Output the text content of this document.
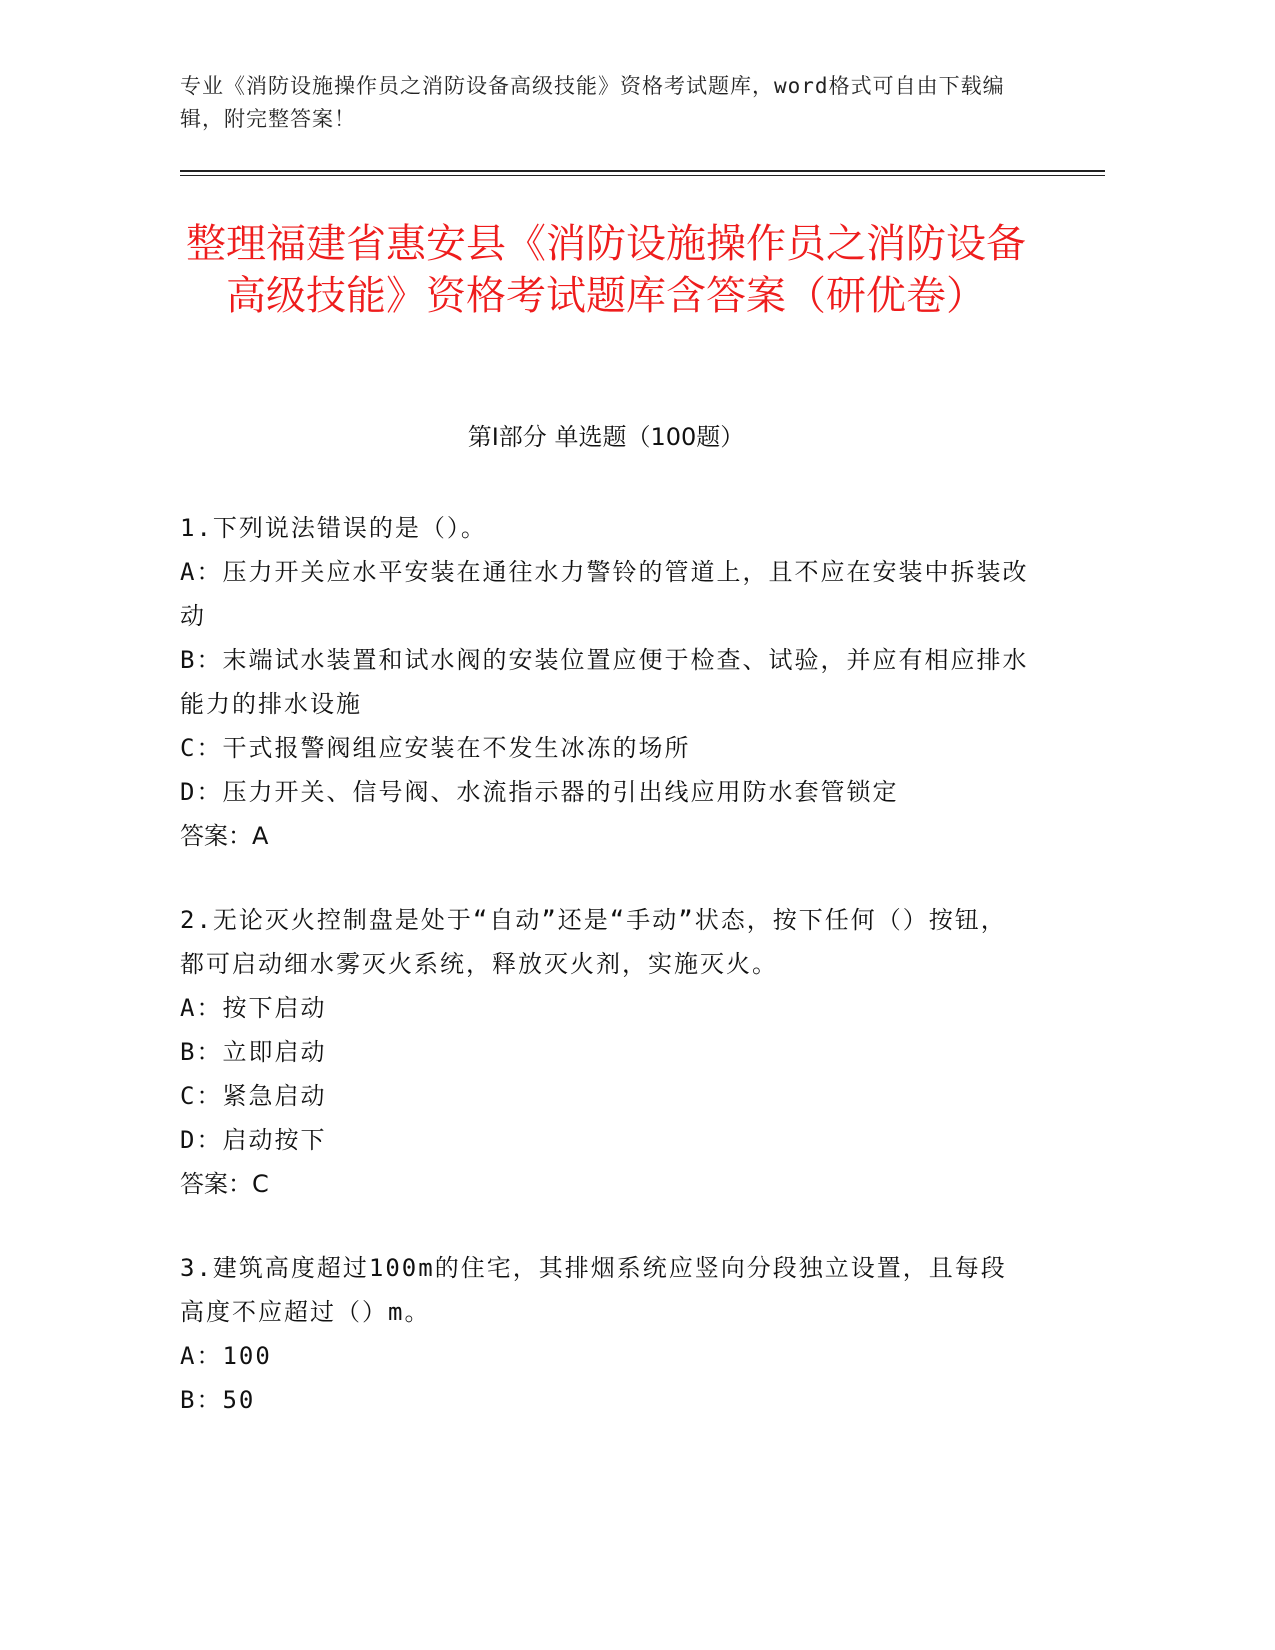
专业《消防设施操作员之消防设备高级技能》资格考试题库，word格式可自由下载编辑，附完整答案！
整理福建省惠安县《消防设施操作员之消防设备高级技能》资格考试题库含答案（研优卷）
第I部分 单选题（100题）
1.下列说法错误的是（）。
A：压力开关应水平安装在通往水力警铃的管道上，且不应在安装中拆装改动
B：末端试水装置和试水阀的安装位置应便于检查、试验，并应有相应排水能力的排水设施
C：干式报警阀组应安装在不发生冰冻的场所
D：压力开关、信号阀、水流指示器的引出线应用防水套管锁定
答案：A
2.无论灭火控制盘是处于“自动”还是“手动”状态，按下任何（）按钮，都可启动细水雾灭火系统，释放灭火剂，实施灭火。
A：按下启动
B：立即启动
C：紧急启动
D：启动按下
答案：C
3.建筑高度超过100m的住宅，其排烟系统应竖向分段独立设置，且每段高度不应超过（）m。
A：100
B：50
